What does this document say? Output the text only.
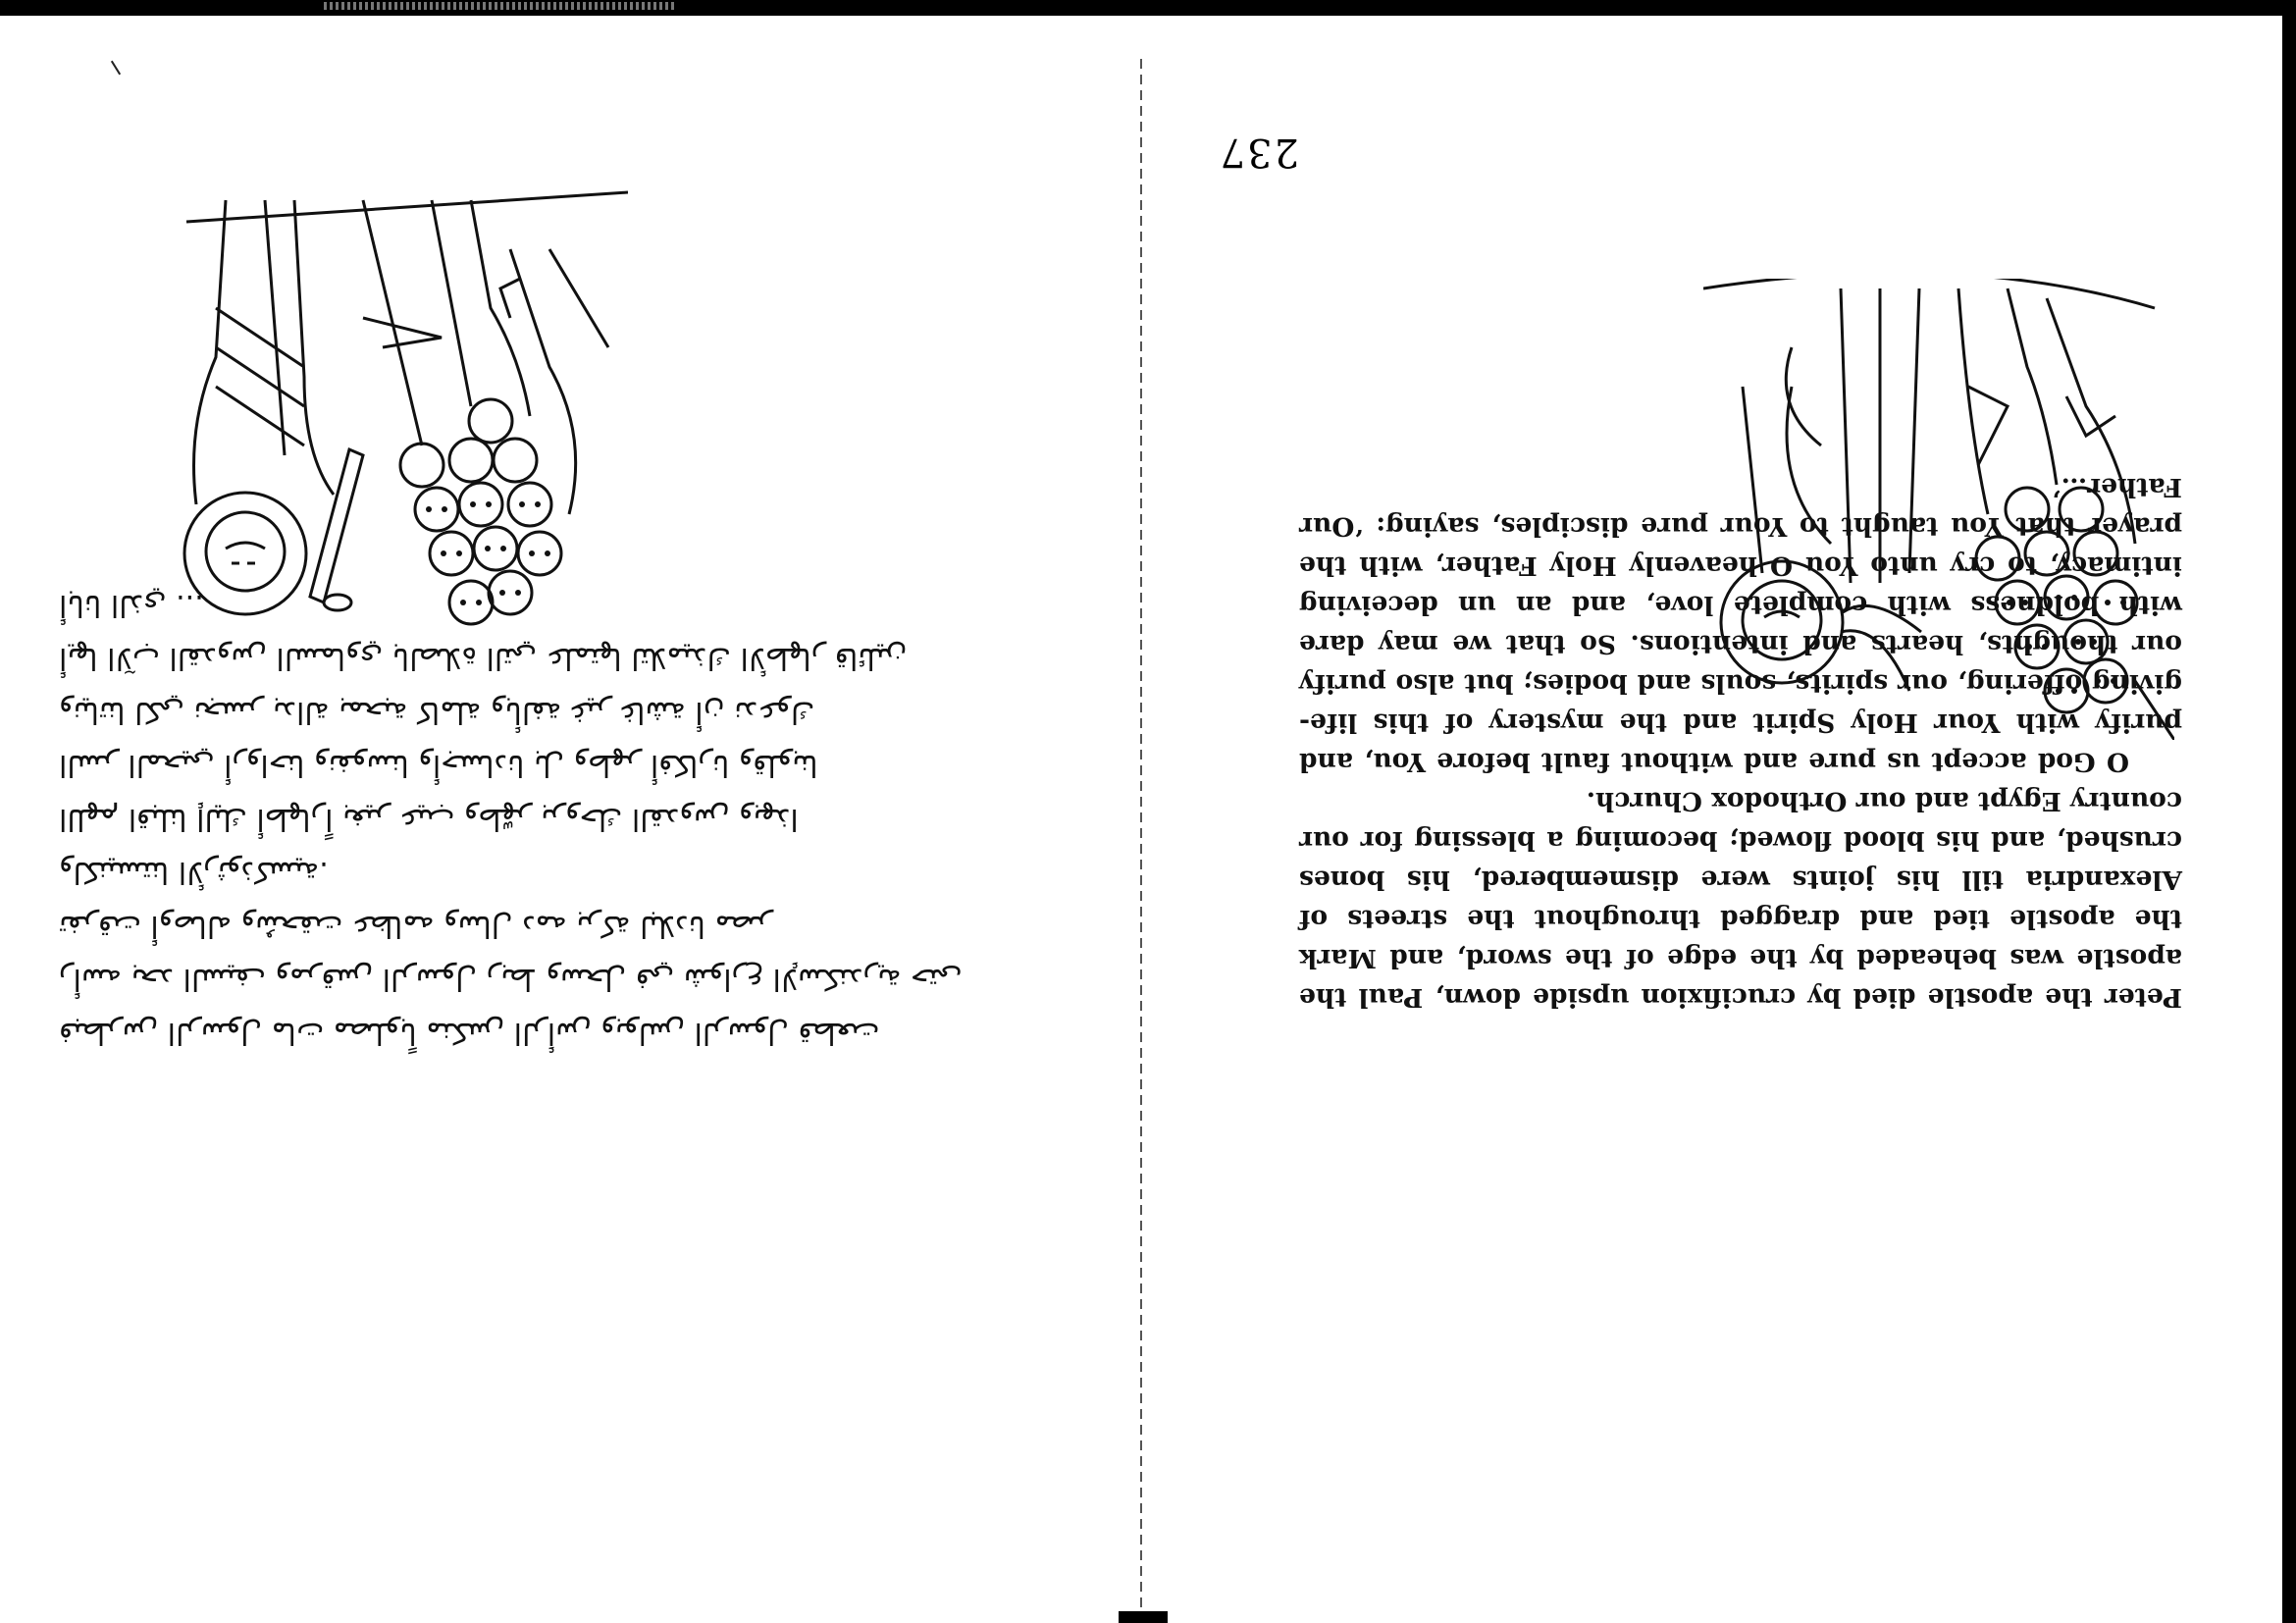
فبطرس الرسول مات مصلوباً منكس الرأس وبولس الرسول قطعت

رأسه بحد السيف ومرقس الرسول ربط وسحل في شوارع الإسكندرية حتى

تفرقت أوصاله وسُحقت عظامه وسال دمه بركة لبلادنا مصر

ولكنيستنا الأرثوذكسية.

اللهم اقبلنا إليك أطهاراً بغير عيب وطهّر بروحك القدوس وبهذا

السر المحيي أرواحنا ونفوسنا وأجسادنا بل وطهر أفكارنا وقلوبنا

ونياتنا لكي نجسر بدالة بمحبة كاملة وبألفة غير غاشة أن ندعوك

أيها الآب القدوس السماوي بالصلاة التي علمتها لتلاميذك الأطهار قائلين

أبانا الذي ...

237

Peter the apostle died by crucifixion upside down, Paul the apostle was beheaded by the edge of the sword, and Mark the apostle tied and dragged throughout the streets of Alexandria till his joints were dismembered, his bones crushed, and his blood flowed; becoming a blessing for our country Egypt and our Orthodox Church.

O God accept us pure and without fault before You, and purify with Your Holy Spirit and the mystery of this life-giving offering, our spirits, souls and bodies; but also purify our thoughts, hearts and intentions. So that we may dare with boldness with complete love, and an un deceiving intimacy, to cry unto You O heavenly Holy Father, with the prayer that You taught to Your pure disciples, saying: ‘Our Father…’
